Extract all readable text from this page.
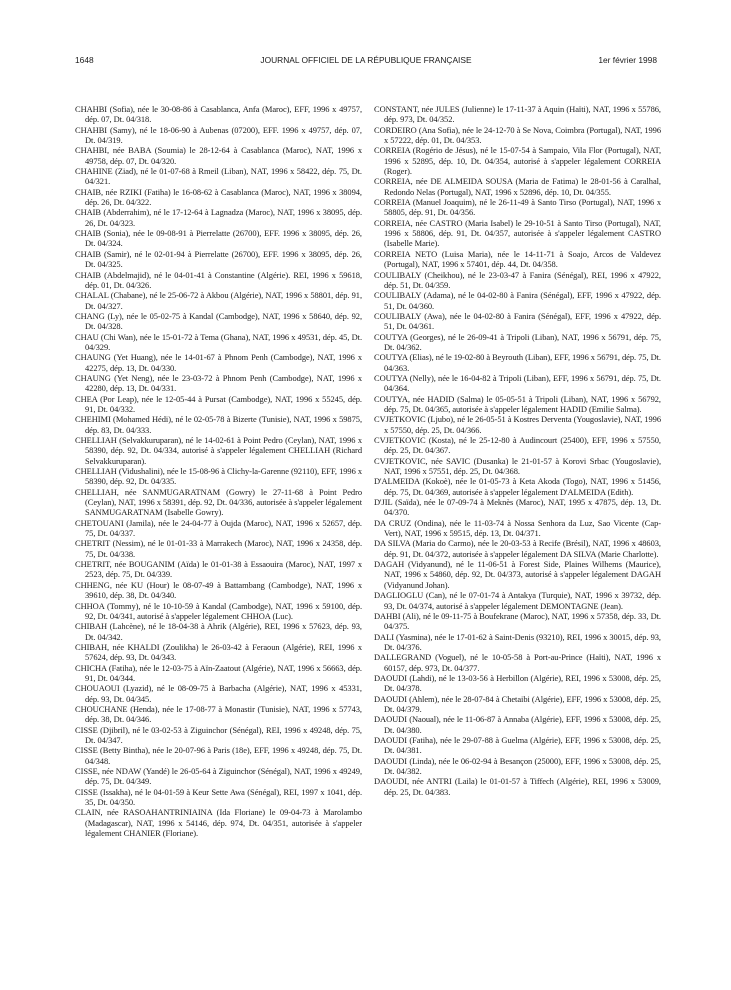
1648	JOURNAL OFFICIEL DE LA RÉPUBLIQUE FRANÇAISE	1er février 1998

CHAHBI (Sofia), née le 30-08-86 à Casablanca, Anfa (Maroc), EFF, 1996 x 49757, dép. 07, Dt. 04/318.

CHAHBI (Samy), né le 18-06-90 à Aubenas (07200), EFF. 1996 x 49757, dép. 07, Dt. 04/319.

CHAHBI, née BABA (Soumia) le 28-12-64 à Casablanca (Maroc), NAT, 1996 x 49758, dép. 07, Dt. 04/320.

CHAHINE (Ziad), né le 01-07-68 à Rmeil (Liban), NAT, 1996 x 58422, dép. 75, Dt. 04/321.

CHAIB, née RZIKI (Fatiha) le 16-08-62 à Casablanca (Maroc), NAT, 1996 x 38094, dép. 26, Dt. 04/322.

CHAIB (Abderrahim), né le 17-12-64 à Lagnadza (Maroc), NAT, 1996 x 38095, dép. 26, Dt. 04/323.

CHAIB (Sonia), née le 09-08-91 à Pierrelatte (26700), EFF. 1996 x 38095, dép. 26, Dt. 04/324.

CHAIB (Samir), né le 02-01-94 à Pierrelatte (26700), EFF. 1996 x 38095, dép. 26, Dt. 04/325.

CHAIB (Abdelmajid), né le 04-01-41 à Constantine (Algérie). REI, 1996 x 59618, dép. 01, Dt. 04/326.

CHALAL (Chabane), né le 25-06-72 à Akbou (Algérie), NAT, 1996 x 58801, dép. 91, Dt. 04/327.

CHANG (Ly), née le 05-02-75 à Kandal (Cambodge), NAT, 1996 x 58640, dép. 92, Dt. 04/328.

CHAU (Chi Wan), née le 15-01-72 à Tema (Ghana), NAT, 1996 x 49531, dép. 45, Dt. 04/329.

CHAUNG (Yet Huang), née le 14-01-67 à Phnom Penh (Cambodge), NAT, 1996 x 42275, dép. 13, Dt. 04/330.

CHAUNG (Yet Neng), née le 23-03-72 à Phnom Penh (Cambodge), NAT, 1996 x 42280, dép. 13, Dt. 04/331.

CHEA (Por Leap), née le 12-05-44 à Pursat (Cambodge), NAT, 1996 x 55245, dép. 91, Dt. 04/332.

CHEHIMI (Mohamed Hédi), né le 02-05-78 à Bizerte (Tunisie), NAT, 1996 x 59875, dép. 83, Dt. 04/333.

CHELLIAH (Selvakkuruparan), né le 14-02-61 à Point Pedro (Ceylan), NAT, 1996 x 58390, dép. 92, Dt. 04/334, autorisé à s'appeler légalement CHELLIAH (Richard Selvakkuruparan).

CHELLIAH (Vidushalini), née le 15-08-96 à Clichy-la-Garenne (92110), EFF, 1996 x 58390, dép. 92, Dt. 04/335.

CHELLIAH, née SANMUGARATNAM (Gowry) le 27-11-68 à Point Pedro (Ceylan), NAT, 1996 x 58391, dép. 92, Dt. 04/336, autorisée à s'appeler légalement SANMUGARATNAM (Isabelle Gowry).

CHETOUANI (Jamila), née le 24-04-77 à Oujda (Maroc), NAT, 1996 x 52657, dép. 75, Dt. 04/337.

CHETRIT (Nessim), né le 01-01-33 à Marrakech (Maroc), NAT, 1996 x 24358, dép. 75, Dt. 04/338.

CHETRIT, née BOUGANIM (Aïda) le 01-01-38 à Essaouira (Maroc), NAT, 1997 x 2523, dép. 75, Dt. 04/339.

CHHENG, née KU (Hour) le 08-07-49 à Battambang (Cambodge), NAT, 1996 x 39610, dép. 38, Dt. 04/340.

CHHOA (Tommy), né le 10-10-59 à Kandal (Cambodge), NAT, 1996 x 59100, dép. 92, Dt. 04/341, autorisé à s'appeler légalement CHHOA (Luc).

CHIBAH (Lahcène), né le 18-04-38 à Ahrik (Algérie), REI, 1996 x 57623, dép. 93, Dt. 04/342.

CHIBAH, née KHALDI (Zoulikha) le 26-03-42 à Feraoun (Algérie), REI, 1996 x 57624, dép. 93, Dt. 04/343.

CHICHA (Fatiha), née le 12-03-75 à Aïn-Zaatout (Algérie), NAT, 1996 x 56663, dép. 91, Dt. 04/344.

CHOUAOUI (Lyazid), né le 08-09-75 à Barbacha (Algérie), NAT, 1996 x 45331, dép. 93, Dt. 04/345.

CHOUCHANE (Henda), née le 17-08-77 à Monastir (Tunisie), NAT, 1996 x 57743, dép. 38, Dt. 04/346.

CISSE (Djibril), né le 03-02-53 à Ziguinchor (Sénégal), REI, 1996 x 49248, dép. 75, Dt. 04/347.

CISSE (Betty Bintha), née le 20-07-96 à Paris (18e), EFF, 1996 x 49248, dép. 75, Dt. 04/348.

CISSE, née NDAW (Yandé) le 26-05-64 à Ziguinchor (Sénégal), NAT, 1996 x 49249, dép. 75, Dt. 04/349.

CISSE (Issakha), né le 04-01-59 à Keur Sette Awa (Sénégal), REI, 1997 x 1041, dép. 35, Dt. 04/350.

CLAIN, née RASOAHANTRINIAINA (Ida Floriane) le 09-04-73 à Marolambo (Madagascar), NAT, 1996 x 54146, dép. 974, Dt. 04/351, autorisée à s'appeler légalement CHANIER (Floriane).

CONSTANT, née JULES (Julienne) le 17-11-37 à Aquin (Haïti), NAT, 1996 x 55786, dép. 973, Dt. 04/352.

CORDEIRO (Ana Sofia), née le 24-12-70 à Se Nova, Coimbra (Portugal), NAT, 1996 x 57222, dép. 01, Dt. 04/353.

CORREIA (Rogério de Jésus), né le 15-07-54 à Sampaio, Vila Flor (Portugal), NAT, 1996 x 52895, dép. 10, Dt. 04/354, autorisé à s'appeler légalement CORREIA (Roger).

CORREIA, née DE ALMEIDA SOUSA (Maria de Fatima) le 28-01-56 à Caralhal, Redondo Nelas (Portugal), NAT, 1996 x 52896, dép. 10, Dt. 04/355.

CORREIA (Manuel Joaquim), né le 26-11-49 à Santo Tirso (Portugal), NAT, 1996 x 58805, dép. 91, Dt. 04/356.

CORREIA, née CASTRO (Maria Isabel) le 29-10-51 à Santo Tirso (Portugal), NAT, 1996 x 58806, dép. 91, Dt. 04/357, autorisée à s'appeler légalement CASTRO (Isabelle Marie).

CORREIA NETO (Luisa Maria), née le 14-11-71 à Soajo, Arcos de Valdevez (Portugal), NAT, 1996 x 57401, dép. 44, Dt. 04/358.

COULIBALY (Cheikhou), né le 23-03-47 à Fanira (Sénégal), REI, 1996 x 47922, dép. 51, Dt. 04/359.

COULIBALY (Adama), né le 04-02-80 à Fanira (Sénégal), EFF, 1996 x 47922, dép. 51, Dt. 04/360.

COULIBALY (Awa), née le 04-02-80 à Fanira (Sénégal), EFF, 1996 x 47922, dép. 51, Dt. 04/361.

COUTYA (Georges), né le 26-09-41 à Tripoli (Liban), NAT, 1996 x 56791, dép. 75, Dt. 04/362.

COUTYA (Elias), né le 19-02-80 à Beyrouth (Liban), EFF, 1996 x 56791, dép. 75, Dt. 04/363.

COUTYA (Nelly), née le 16-04-82 à Tripoli (Liban), EFF, 1996 x 56791, dép. 75, Dt. 04/364.

COUTYA, née HADID (Salma) le 05-05-51 à Tripoli (Liban), NAT, 1996 x 56792, dép. 75, Dt. 04/365, autorisée à s'appeler légalement HADID (Emilie Salma).

CVJETKOVIC (Ljubo), né le 26-05-51 à Kostres Derventa (Yougoslavie), NAT, 1996 x 57550, dép. 25, Dt. 04/366.

CVJETKOVIC (Kosta), né le 25-12-80 à Audincourt (25400), EFF, 1996 x 57550, dép. 25, Dt. 04/367.

CVJETKOVIC, née SAVIC (Dusanka) le 21-01-57 à Korovi Srbac (Yougoslavie), NAT, 1996 x 57551, dép. 25, Dt. 04/368.

D'ALMEIDA (Kokoè), née le 01-05-73 à Keta Akoda (Togo), NAT, 1996 x 51456, dép. 75, Dt. 04/369, autorisée à s'appeler légalement D'ALMEIDA (Edith).

D'JIL (Saïda), née le 07-09-74 à Meknès (Maroc), NAT, 1995 x 47875, dép. 13, Dt. 04/370.

DA CRUZ (Ondina), née le 11-03-74 à Nossa Senhora da Luz, Sao Vicente (Cap-Vert), NAT, 1996 x 59515, dép. 13, Dt. 04/371.

DA SILVA (Maria do Carmo), née le 20-03-53 à Recife (Brésil), NAT, 1996 x 48603, dép. 91, Dt. 04/372, autorisée à s'appeler légalement DA SILVA (Marie Charlotte).

DAGAH (Vidyanund), né le 11-06-51 à Forest Side, Plaines Wilhems (Maurice), NAT, 1996 x 54860, dép. 92, Dt. 04/373, autorisé à s'appeler légalement DAGAH (Vidyanund Johan).

DAGLIOGLU (Can), né le 07-01-74 à Antakya (Turquie), NAT, 1996 x 39732, dép. 93, Dt. 04/374, autorisé à s'appeler légalement DEMONTAGNE (Jean).

DAHBI (Ali), né le 09-11-75 à Boufekrane (Maroc), NAT, 1996 x 57358, dép. 33, Dt. 04/375.

DALI (Yasmina), née le 17-01-62 à Saint-Denis (93210), REI, 1996 x 30015, dép. 93, Dt. 04/376.

DALLEGRAND (Voguel), né le 10-05-58 à Port-au-Prince (Haïti), NAT, 1996 x 60157, dép. 973, Dt. 04/377.

DAOUDI (Lahdi), né le 13-03-56 à Herbillon (Algérie), REI, 1996 x 53008, dép. 25, Dt. 04/378.

DAOUDI (Ahlem), née le 28-07-84 à Chetaibi (Algérie), EFF, 1996 x 53008, dép. 25, Dt. 04/379.

DAOUDI (Naoual), née le 11-06-87 à Annaba (Algérie), EFF, 1996 x 53008, dép. 25, Dt. 04/380.

DAOUDI (Fatiha), née le 29-07-88 à Guelma (Algérie), EFF, 1996 x 53008, dép. 25, Dt. 04/381.

DAOUDI (Linda), née le 06-02-94 à Besançon (25000), EFF, 1996 x 53008, dép. 25, Dt. 04/382.

DAOUDI, née ANTRI (Laila) le 01-01-57 à Tiffech (Algérie), REI, 1996 x 53009, dép. 25, Dt. 04/383.
